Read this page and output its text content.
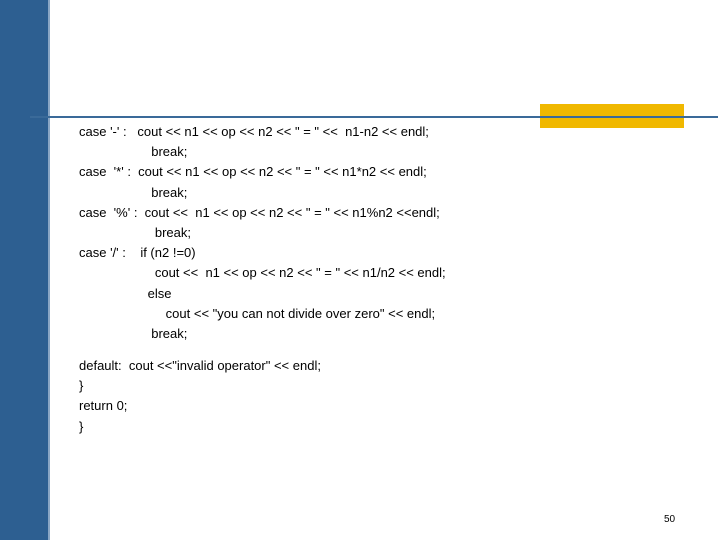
case '-' :   cout << n1 << op << n2 << " = " <<  n1-n2 << endl;
break;
case  '*' :  cout << n1 << op << n2 << " = " << n1*n2 << endl;
break;
case  '%' :  cout <<  n1 << op << n2 << " = " << n1%n2 <<endl;
break;
case '/' :    if (n2 !=0)
cout <<  n1 << op << n2 << " = " << n1/n2 << endl;
else
cout << "you can not divide over zero" << endl;
break;
default:  cout <<"invalid operator" << endl;
}
return 0;
}
50
